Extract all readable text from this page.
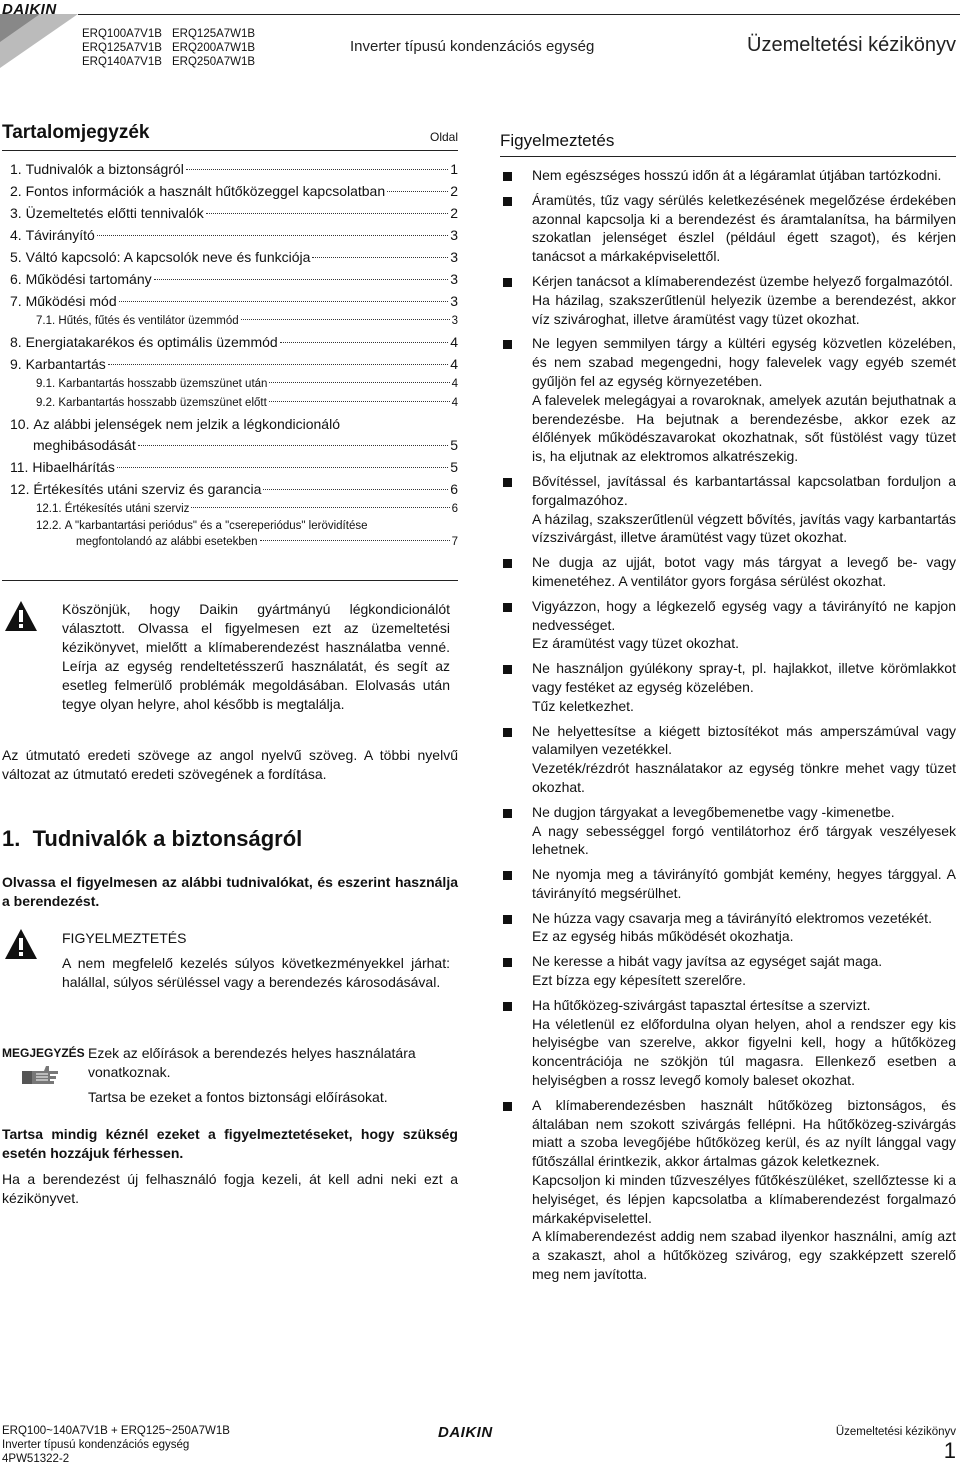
DAIKIN
ERQ100A7V1B
ERQ125A7V1B
ERQ140A7V1B
ERQ125A7W1B
ERQ200A7W1B
ERQ250A7W1B
Inverter típusú kondenzációs egység	Üzemeltetési kézikönyv
Tartalomjegyzék	Oldal
1. Tudnivalók a biztonságról	1
2. Fontos információk a használt hűtőközeggel kapcsolatban	2
3. Üzemeltetés előtti tennivalók	2
4. Távirányító	3
5. Váltó kapcsoló: A kapcsolók neve és funkciója	3
6. Működési tartomány	3
7. Működési mód	3
7.1. Hűtés, fűtés és ventilátor üzemmód	3
8. Energiatakarékos és optimális üzemmód	4
9. Karbantartás	4
9.1. Karbantartás hosszabb üzemszünet után	4
9.2. Karbantartás hosszabb üzemszünet előtt	4
10. Az alábbi jelenségek nem jelzik a légkondicionáló
meghibásodását	5
11. Hibaelhárítás	5
12. Értékesítés utáni szerviz és garancia	6
12.1. Értékesítés utáni szerviz	6
12.2. A "karbantartási periódus" és a "csereperiódus" lerövidítése
megfontolandó az alábbi esetekben	7
Köszönjük, hogy Daikin gyártmányú légkondicionálót választott. Olvassa el figyelmesen ezt az üzemeltetési kézikönyvet, mielőtt a klímaberendezést használatba venné. Leírja az egység rendeltetésszerű használatát, és segít az esetleg felmerülő problémák megoldásában. Elolvasás után tegye olyan helyre, ahol később is megtalálja.
Az útmutató eredeti szövege az angol nyelvű szöveg. A többi nyelvű változat az útmutató eredeti szövegének a fordítása.
1.  Tudnivalók a biztonságról
Olvassa el figyelmesen az alábbi tudnivalókat, és eszerint használja a berendezést.
FIGYELMEZTETÉS
A nem megfelelő kezelés súlyos következményekkel járhat: halállal, súlyos sérüléssel vagy a berendezés károsodásával.
MEGJEGYZÉS Ezek az előírások a berendezés helyes használatára vonatkoznak.
Tartsa be ezeket a fontos biztonsági előírásokat.
Tartsa mindig kéznél ezeket a figyelmeztetéseket, hogy szükség esetén hozzájuk férhessen.
Ha a berendezést új felhasználó fogja kezeli, át kell adni neki ezt a kézikönyvet.
Figyelmeztetés

Nem egészséges hosszú időn át a légáramlat útjában tartózkodni.

Áramütés, tűz vagy sérülés keletkezésének megelőzése érdekében azonnal kapcsolja ki a berendezést és áramtalanítsa, ha bármilyen szokatlan jelenséget észlel (például égett szagot), és kérjen tanácsot a márkaképviselettől.

Kérjen tanácsot a klímaberendezést üzembe helyező forgalmazótól.

Ha házilag, szakszerűtlenül helyezik üzembe a berendezést, akkor víz szivároghat, illetve áramütést vagy tüzet okozhat.

Ne legyen semmilyen tárgy a kültéri egység közvetlen közelében, és nem szabad megengedni, hogy falevelek vagy egyéb szemét gyűljön fel az egység környezetében.

A falevelek melegágyai a rovaroknak, amelyek azután bejuthatnak a berendezésbe. Ha bejutnak a berendezésbe, akkor ezek az élőlények működészavarokat okozhatnak, sőt füstölést vagy tüzet is, ha eljutnak az elektromos alkatrészekig.

Bővítéssel, javítással és karbantartással kapcsolatban forduljon a forgalmazóhoz.

A házilag, szakszerűtlenül végzett bővítés, javítás vagy karbantartás vízszivárgást, illetve áramütést vagy tüzet okozhat.

Ne dugja az ujját, botot vagy más tárgyat a levegő be- vagy kimenetéhez. A ventilátor gyors forgása sérülést okozhat.

Vigyázzon, hogy a légkezelő egység vagy a távirányító ne kapjon nedvességet.

Ez áramütést vagy tüzet okozhat.

Ne használjon gyúlékony spray-t, pl. hajlakkot, illetve körömlakkot vagy festéket az egység közelében.

Tűz keletkezhet.

Ne helyettesítse a kiégett biztosítékot más amperszámúval vagy valamilyen vezetékkel.

Vezeték/rézdrót használatakor az egység tönkre mehet vagy tüzet okozhat.

Ne dugjon tárgyakat a levegőbemenetbe vagy -kimenetbe.

A nagy sebességgel forgó ventilátorhoz érő tárgyak veszélyesek lehetnek.

Ne nyomja meg a távirányító gombját kemény, hegyes tárggyal. A távirányító megsérülhet.

Ne húzza vagy csavarja meg a távirányító elektromos vezetékét.

Ez az egység hibás működését okozhatja.

Ne keresse a hibát vagy javítsa az egységet saját maga.

Ezt bízza egy képesített szerelőre.

Ha hűtőközeg-szivárgást tapasztal értesítse a szervizt.

Ha véletlenül ez előfordulna olyan helyen, ahol a rendszer egy kis helyiségbe van szerelve, akkor figyelni kell, hogy a hűtőközeg koncentrációja ne szökjön túl magasra. Ellenkező esetben a helyiségben a rossz levegő komoly baleset okozhat.

A klímaberendezésben használt hűtőközeg biztonságos, és általában nem szokott szivárgás fellépni. Ha hűtőközeg-szivárgás miatt a szoba levegőjébe hűtőközeg kerül, és az nyílt lánggal vagy fűtőszállal érintkezik, akkor ártalmas gázok keletkeznek.

Kapcsoljon ki minden tűzveszélyes fűtőkészüléket, szellőztesse ki a helyiséget, és lépjen kapcsolatba a klímaberendezést forgalmazó márkaképviselettel.

A klímaberendezést addig nem szabad ilyenkor használni, amíg azt a szakaszt, ahol a hűtőközeg szivárog, egy szakképzett szerelő meg nem javította.

ERQ100~140A7V1B + ERQ125~250A7W1B
Inverter típusú kondenzációs egység
4PW51322-2
DAIKIN	Üzemeltetési kézikönyv
1
